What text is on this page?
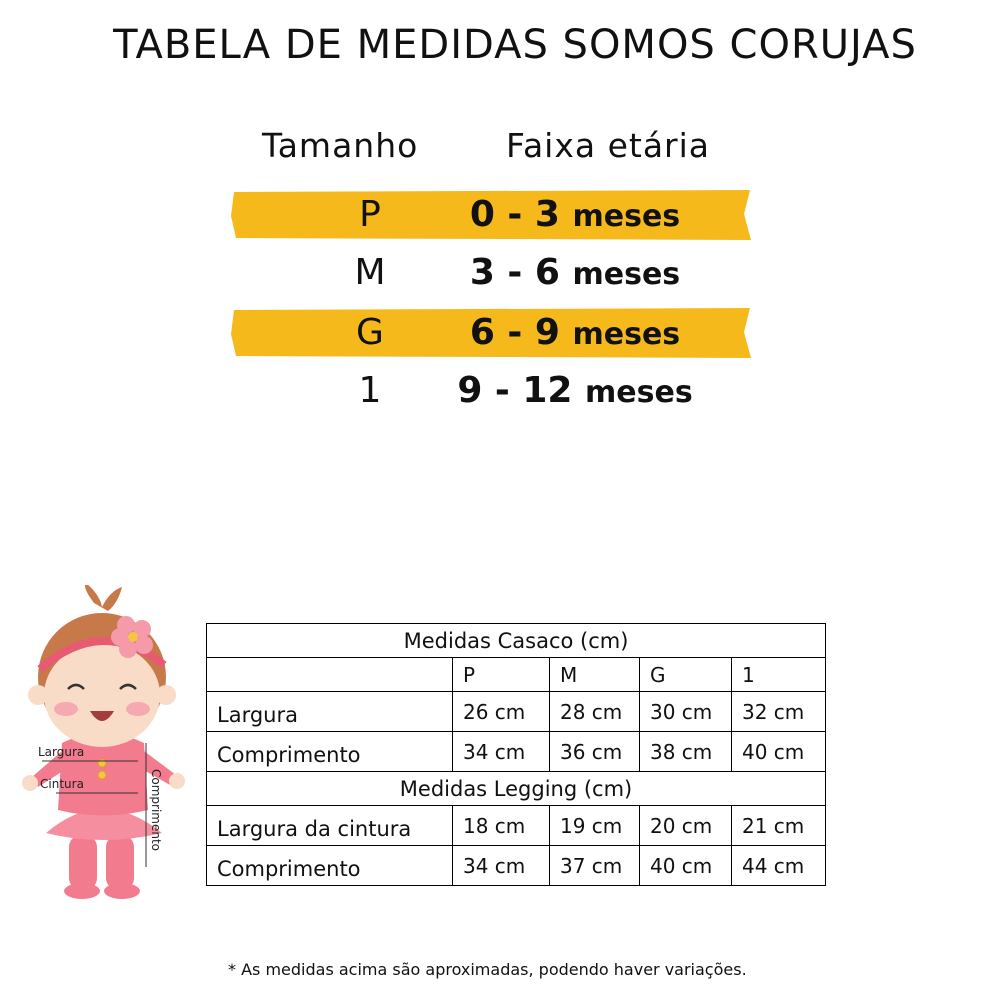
TABELA DE MEDIDAS SOMOS CORUJAS
Tamanho	Faixa etária
P	0 - 3 meses
M	3 - 6 meses
G	6 - 9 meses
1	9 - 12 meses
Largura
Cintura	Comprimento
Medidas Casaco (cm)				
	P	M	G	1
Largura	26 cm	28 cm	30 cm	32 cm
Comprimento	34 cm	36 cm	38 cm	40 cm
Medidas Legging (cm)				
Largura da cintura	18 cm	19 cm	20 cm	21 cm
Comprimento	34 cm	37 cm	40 cm	44 cm
* As medidas acima são aproximadas, podendo haver variações.
